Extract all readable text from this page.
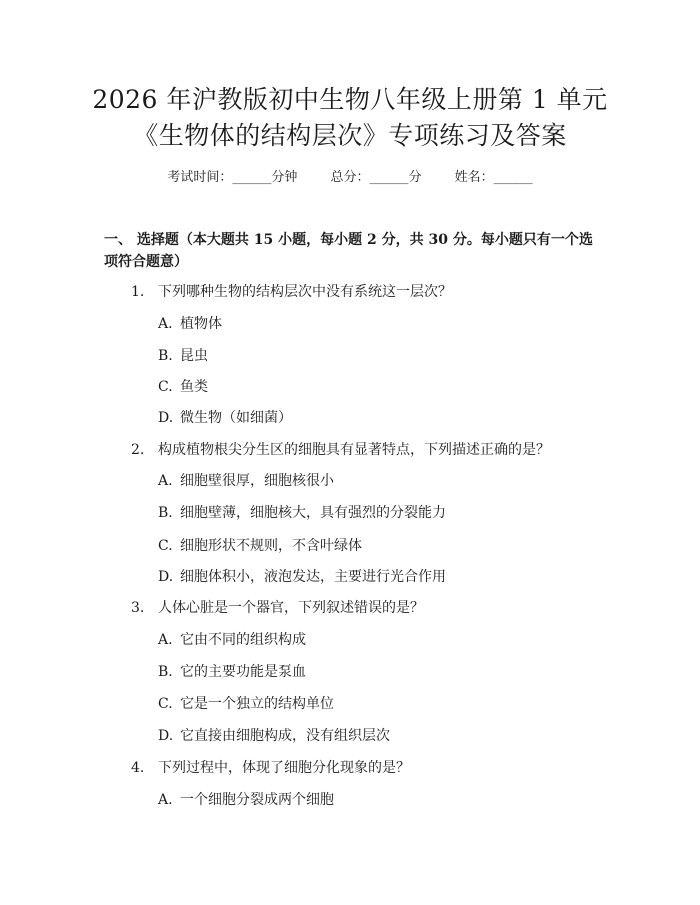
2026 年沪教版初中生物八年级上册第 1 单元
《生物体的结构层次》专项练习及答案
考试时间：______分钟	总分：______分	姓名：______
一、 选择题（本大题共 15 小题，每小题 2 分，共 30 分。每小题只有一个选项符合题意）
1. 下列哪种生物的结构层次中没有系统这一层次？
A. 植物体
B. 昆虫
C. 鱼类
D. 微生物（如细菌）
2. 构成植物根尖分生区的细胞具有显著特点，下列描述正确的是？
A. 细胞壁很厚，细胞核很小
B. 细胞壁薄，细胞核大，具有强烈的分裂能力
C. 细胞形状不规则，不含叶绿体
D. 细胞体积小，液泡发达，主要进行光合作用
3. 人体心脏是一个器官，下列叙述错误的是？
A. 它由不同的组织构成
B. 它的主要功能是泵血
C. 它是一个独立的结构单位
D. 它直接由细胞构成，没有组织层次
4. 下列过程中，体现了细胞分化现象的是？
A. 一个细胞分裂成两个细胞
